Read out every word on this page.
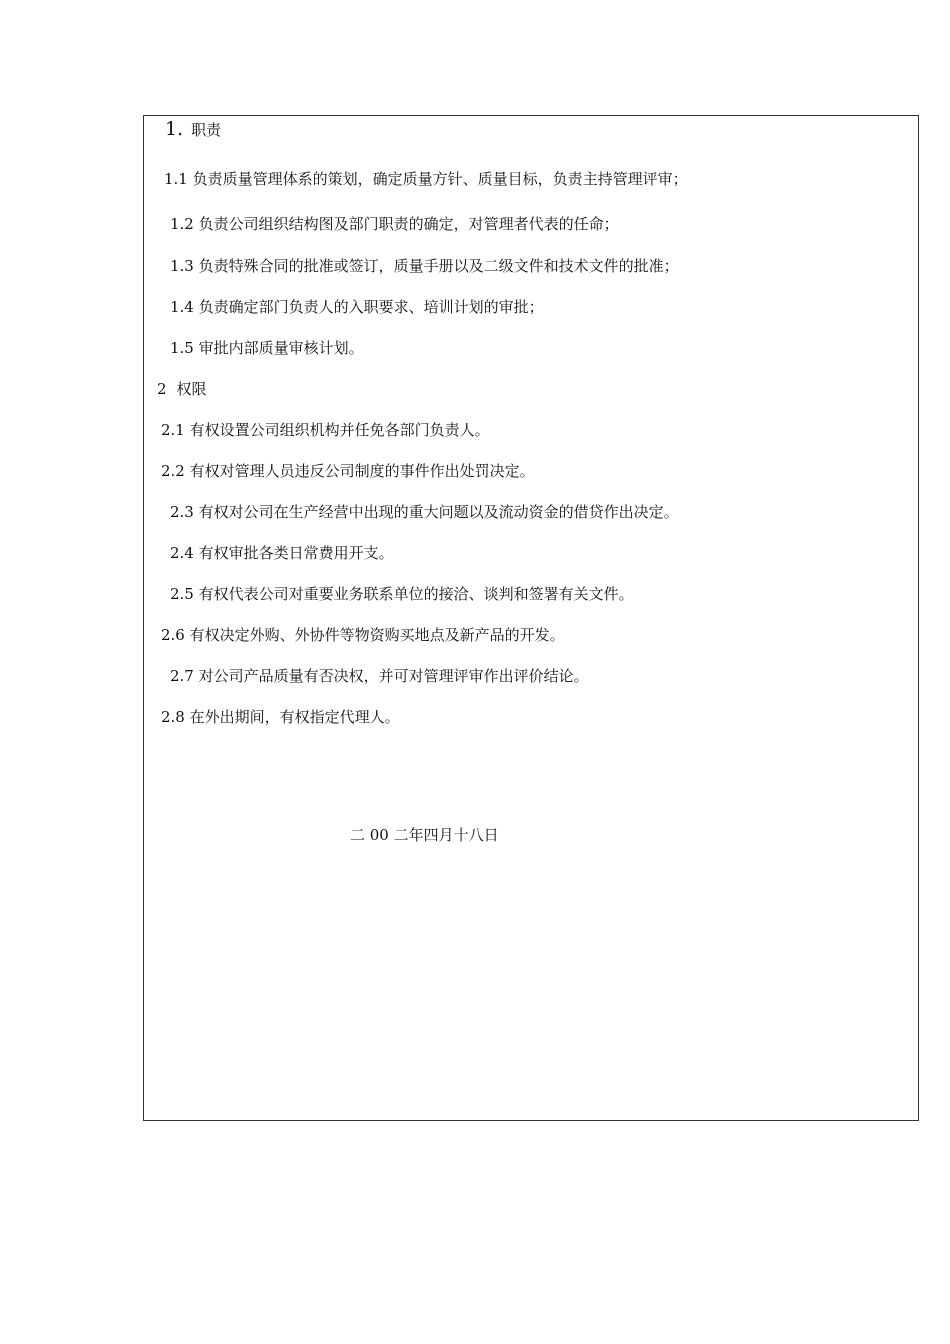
1. 职责
1.1 负责质量管理体系的策划，确定质量方针、质量目标，负责主持管理评审；
1.2 负责公司组织结构图及部门职责的确定，对管理者代表的任命；
1.3 负责特殊合同的批准或签订，质量手册以及二级文件和技术文件的批准；
1.4 负责确定部门负责人的入职要求、培训计划的审批；
1.5 审批内部质量审核计划。
2 权限
2.1 有权设置公司组织机构并任免各部门负责人。
2.2 有权对管理人员违反公司制度的事件作出处罚决定。
2.3 有权对公司在生产经营中出现的重大问题以及流动资金的借贷作出决定。
2.4 有权审批各类日常费用开支。
2.5 有权代表公司对重要业务联系单位的接洽、谈判和签署有关文件。
2.6 有权决定外购、外协件等物资购买地点及新产品的开发。
2.7 对公司产品质量有否决权，并可对管理评审作出评价结论。
2.8 在外出期间，有权指定代理人。
二 00 二年四月十八日
